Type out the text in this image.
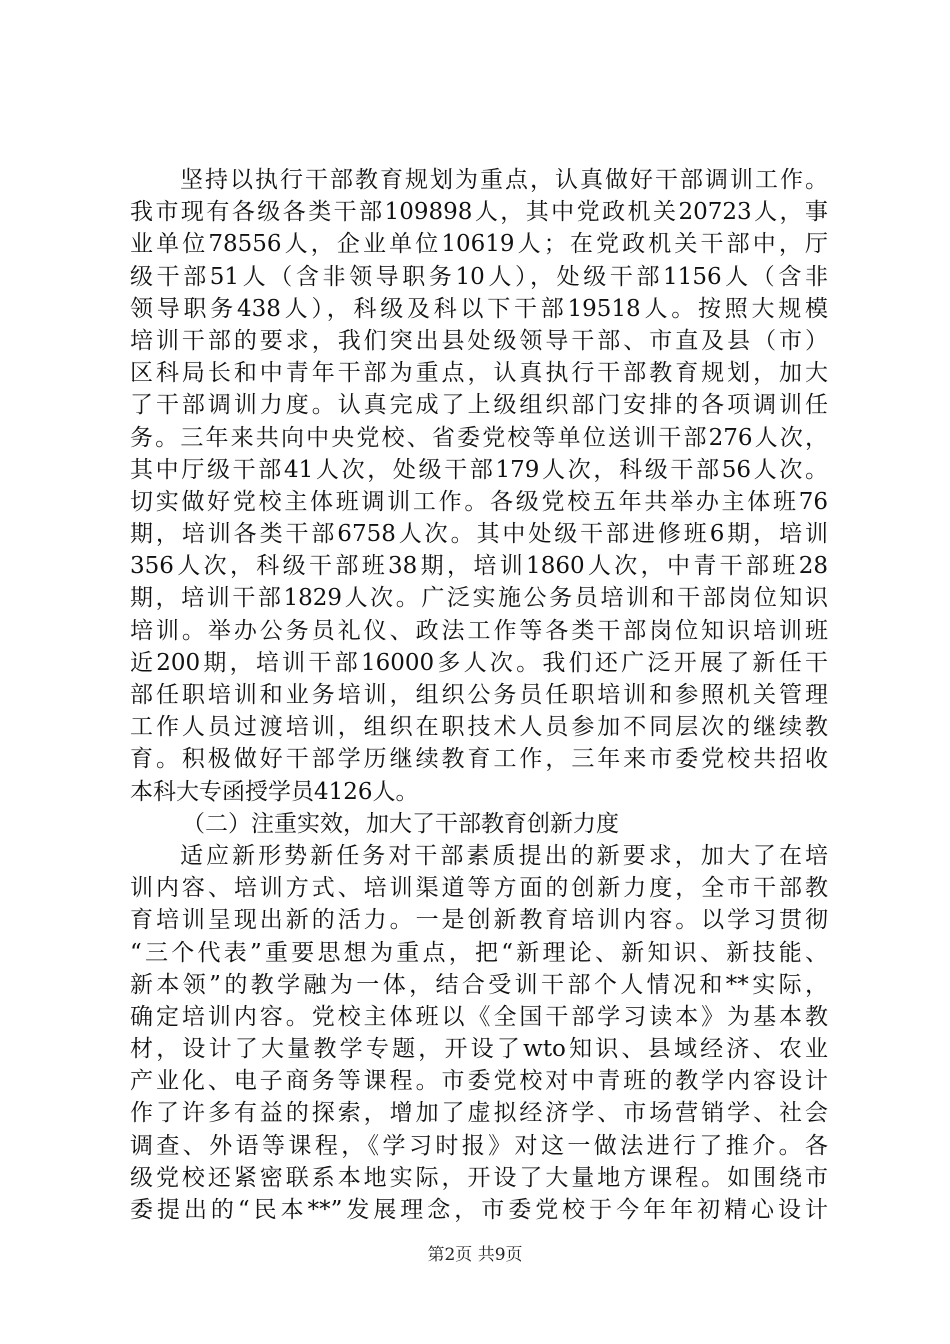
坚持以执行干部教育规划为重点，认真做好干部调训工作。
我市现有各级各类干部109898人，其中党政机关20723人，事
业单位78556人，企业单位10619人；在党政机关干部中，厅
级干部51人（含非领导职务10人），处级干部1156人（含非
领导职务438人），科级及科以下干部19518人。按照大规模
培训干部的要求，我们突出县处级领导干部、市直及县（市）
区科局长和中青年干部为重点，认真执行干部教育规划，加大
了干部调训力度。认真完成了上级组织部门安排的各项调训任
务。三年来共向中央党校、省委党校等单位送训干部276人次，
其中厅级干部41人次，处级干部179人次，科级干部56人次。
切实做好党校主体班调训工作。各级党校五年共举办主体班76
期，培训各类干部6758人次。其中处级干部进修班6期，培训
356人次，科级干部班38期，培训1860人次，中青干部班28
期，培训干部1829人次。广泛实施公务员培训和干部岗位知识
培训。举办公务员礼仪、政法工作等各类干部岗位知识培训班
近200期，培训干部16000多人次。我们还广泛开展了新任干
部任职培训和业务培训，组织公务员任职培训和参照机关管理
工作人员过渡培训，组织在职技术人员参加不同层次的继续教
育。积极做好干部学历继续教育工作，三年来市委党校共招收
本科大专函授学员4126人。
（二）注重实效，加大了干部教育创新力度
适应新形势新任务对干部素质提出的新要求，加大了在培
训内容、培训方式、培训渠道等方面的创新力度，全市干部教
育培训呈现出新的活力。一是创新教育培训内容。以学习贯彻
“三个代表”重要思想为重点，把“新理论、新知识、新技能、
新本领”的教学融为一体，结合受训干部个人情况和**实际，
确定培训内容。党校主体班以《全国干部学习读本》为基本教
材，设计了大量教学专题，开设了wto知识、县域经济、农业
产业化、电子商务等课程。市委党校对中青班的教学内容设计
作了许多有益的探索，增加了虚拟经济学、市场营销学、社会
调查、外语等课程，《学习时报》对这一做法进行了推介。各
级党校还紧密联系本地实际，开设了大量地方课程。如围绕市
委提出的“民本**”发展理念，市委党校于今年年初精心设计
第2页 共9页
